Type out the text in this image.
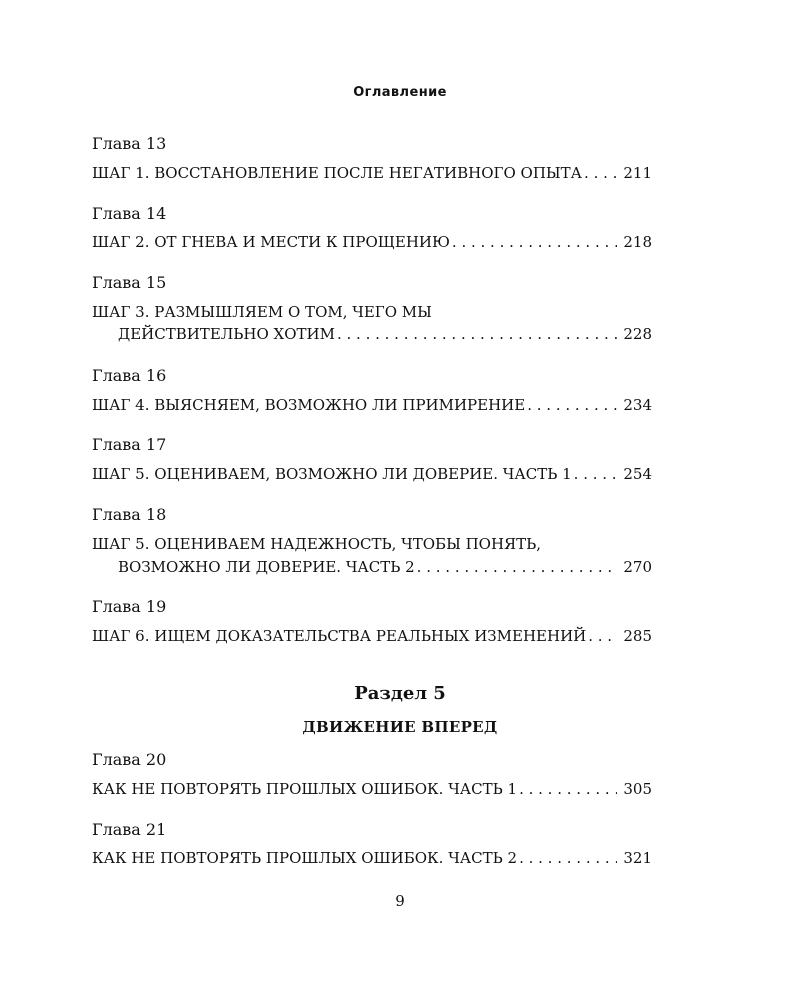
Оглавление
Глава 13
ШАГ 1. ВОССТАНОВЛЕНИЕ ПОСЛЕ НЕГАТИВНОГО ОПЫТА . . .	211
Глава 14
ШАГ 2. ОТ ГНЕВА И МЕСТИ К ПРОЩЕНИЮ . . .	218
Глава 15
ШАГ 3. РАЗМЫШЛЯЕМ О ТОМ, ЧЕГО МЫ
ДЕЙСТВИТЕЛЬНО ХОТИМ . . .	228
Глава 16
ШАГ 4. ВЫЯСНЯЕМ, ВОЗМОЖНО ЛИ ПРИМИРЕНИЕ . . .	234
Глава 17
ШАГ 5. ОЦЕНИВАЕМ, ВОЗМОЖНО ЛИ ДОВЕРИЕ. ЧАСТЬ 1 . . .	254
Глава 18
ШАГ 5. ОЦЕНИВАЕМ НАДЕЖНОСТЬ, ЧТОБЫ ПОНЯТЬ,
ВОЗМОЖНО ЛИ ДОВЕРИЕ. ЧАСТЬ 2 . . .	270
Глава 19
ШАГ 6. ИЩЕМ ДОКАЗАТЕЛЬСТВА РЕАЛЬНЫХ ИЗМЕНЕНИЙ . . .	285
Раздел 5
ДВИЖЕНИЕ ВПЕРЕД
Глава 20
КАК НЕ ПОВТОРЯТЬ ПРОШЛЫХ ОШИБОК. ЧАСТЬ 1 . . .	305
Глава 21
КАК НЕ ПОВТОРЯТЬ ПРОШЛЫХ ОШИБОК. ЧАСТЬ 2 . . .	321
9
